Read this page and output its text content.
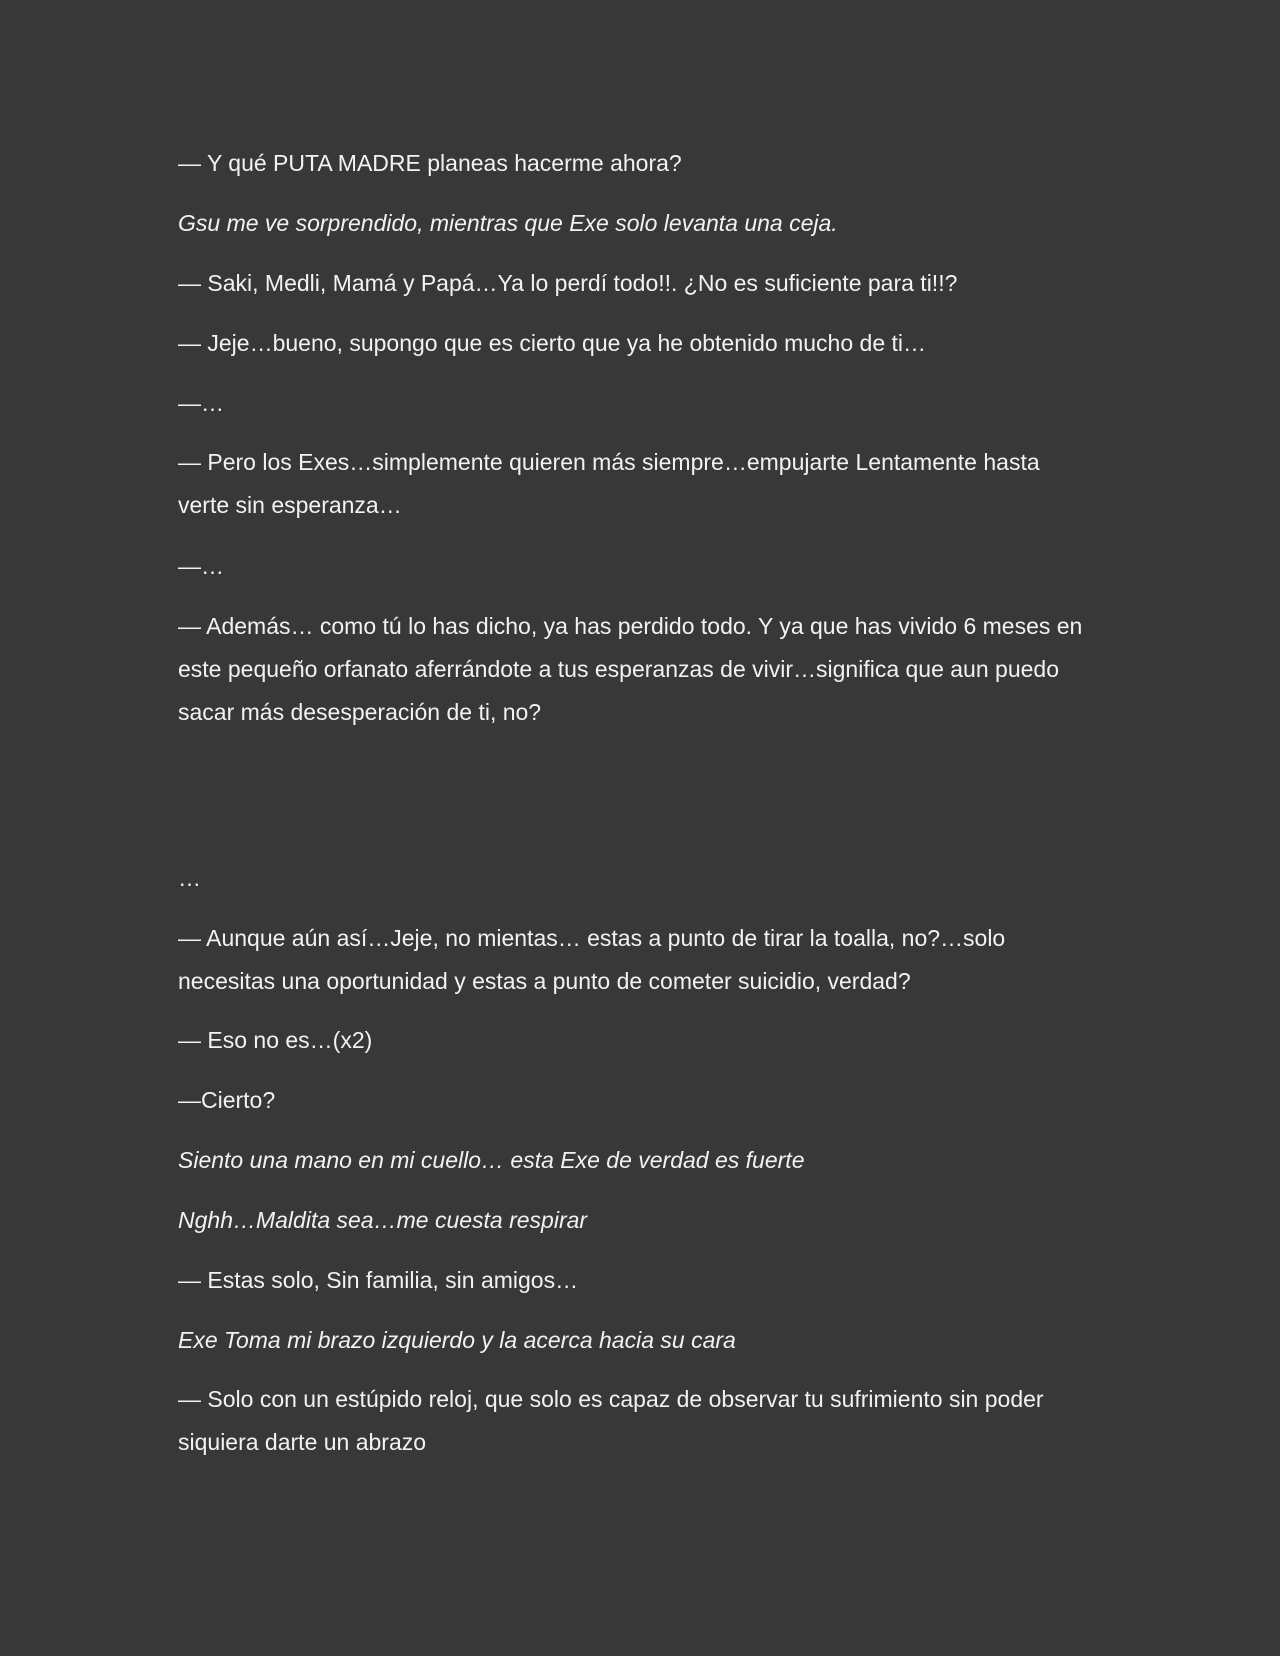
— Y qué PUTA MADRE planeas hacerme ahora?

Gsu me ve sorprendido, mientras que Exe solo levanta una ceja.

— Saki, Medli, Mamá y Papá…Ya lo perdí todo!!. ¿No es suficiente para ti!!?

— Jeje…bueno, supongo que es cierto que ya he obtenido mucho de ti…

—…

— Pero los Exes…simplemente quieren más siempre…empujarte Lentamente hasta verte sin esperanza…

—…

— Además… como tú lo has dicho, ya has perdido todo. Y ya que has vivido 6 meses en este pequeño orfanato aferrándote a tus esperanzas de vivir…significa que aun puedo sacar más desesperación de ti, no?

…

— Aunque aún así…Jeje, no mientas… estas a punto de tirar la toalla, no?…solo necesitas una oportunidad y estas a punto de cometer suicidio, verdad?

— Eso no es…(x2)

—Cierto?

Siento una mano en mi cuello… esta Exe de verdad es fuerte

Nghh…Maldita sea…me cuesta respirar

— Estas solo, Sin familia, sin amigos…

Exe Toma mi brazo izquierdo y la acerca hacia su cara

— Solo con un estúpido reloj, que solo es capaz de observar tu sufrimiento sin poder siquiera darte un abrazo
